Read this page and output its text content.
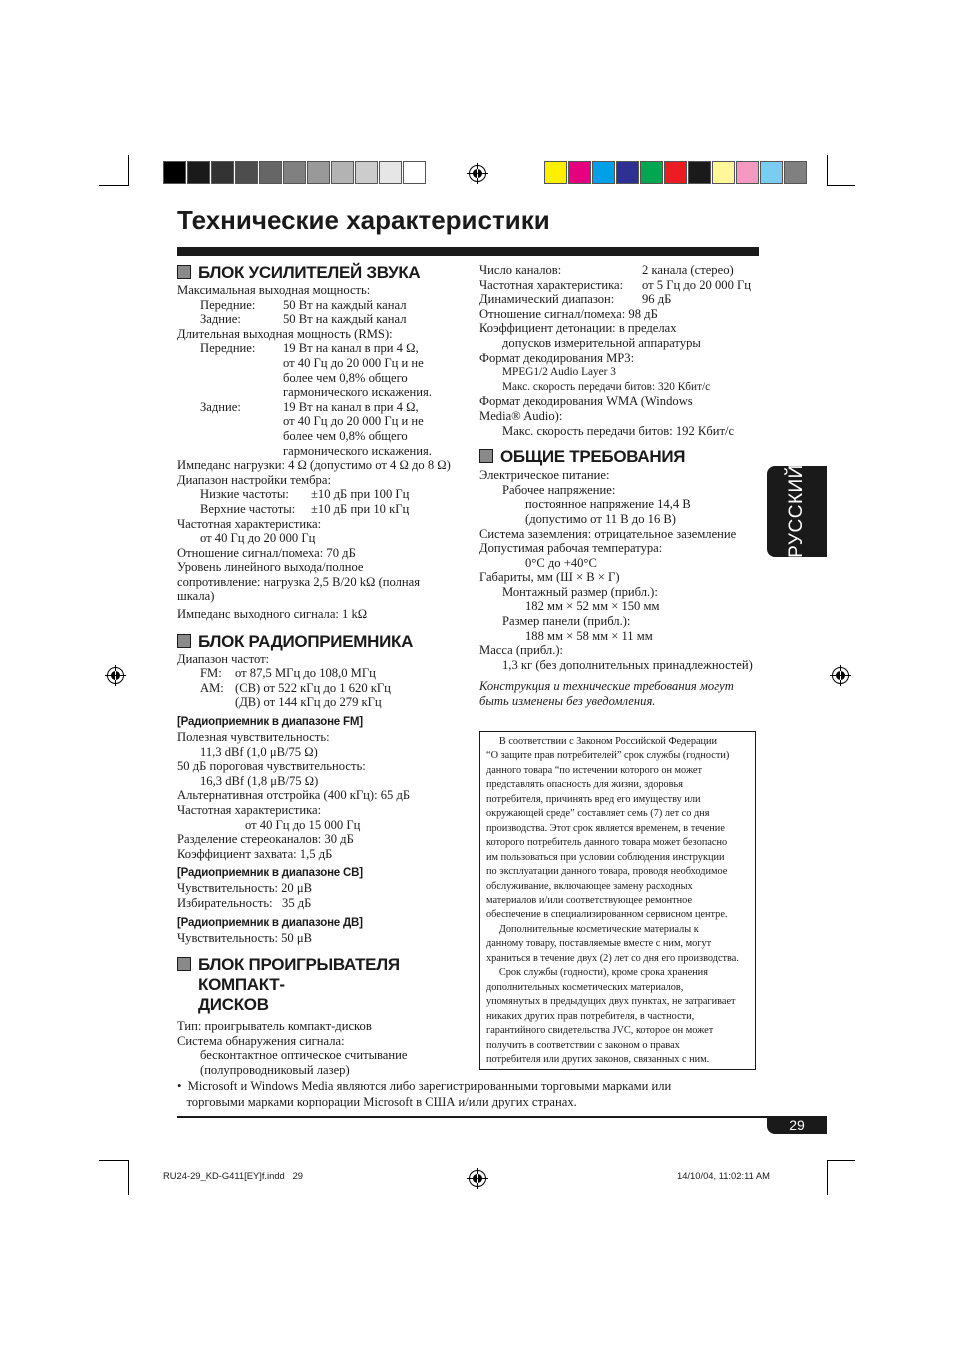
Технические характеристики
БЛОК УСИЛИТЕЛЕЙ ЗВУКА

Максимальная выходная мощность:

Передние:	50 Вт на каждый канал
Задние:	50 Вт на каждый канал

Длительная выходная мощность (RMS):

Передние:	19 Вт на канал в при 4 Ω,

от 40 Гц до 20 000 Гц и не

более чем 0,8% общего

гармонического искажения.

Задние:	19 Вт на канал в при 4 Ω,

от 40 Гц до 20 000 Гц и не

более чем 0,8% общего

гармонического искажения.

Импеданс нагрузки: 4 Ω (допустимо от 4 Ω до 8 Ω)

Диапазон настройки тембра:

Низкие частоты:	±10 дБ при 100 Гц
Верхние частоты:	±10 дБ при 10 кГц

Частотная характеристика:

от 40 Гц до 20 000 Гц

Отношение сигнал/помеха: 70 дБ

Уровень линейного выхода/полное

сопротивление: нагрузка 2,5 В/20 kΩ (полная

шкала)

Импеданс выходного сигнала: 1 kΩ

БЛОК РАДИОПРИЕМНИКА

Диапазон частот:

FM:	от 87,5 МГц до 108,0 МГц
AM: (СВ) от 522 кГц до 1 620 кГц

(ДВ) от 144 кГц до 279 кГц

[Радиоприемник в диапазоне FM]

Полезная чувствительность:

11,3 dBf (1,0 μВ/75 Ω)

50 дБ пороговая чувствительность:

16,3 dBf (1,8 μВ/75 Ω)

Альтернативная отстройка (400 кГц): 65 дБ

Частотная характеристика:

от 40 Гц до 15 000 Гц

Разделение стереоканалов: 30 дБ

Коэффициент захвата: 1,5 дБ

[Радиоприемник в диапазоне СВ]

Чувствительность: 20 μВ

Избирательность:   35 дБ

[Радиоприемник в диапазоне ДВ]

Чувствительность: 50 μВ

БЛОК ПРОИГРЫВАТЕЛЯ КОМПАКТ-
ДИСКОВ

Тип: проигрыватель компакт-дисков

Система обнаружения сигнала:

бесконтактное оптическое считывание

(полупроводниковый лазер)

Число каналов:	2 канала (стерео)
Частотная характеристика:	от 5 Гц до 20 000 Гц
Динамический диапазон:	96 дБ

Отношение сигнал/помеха: 98 дБ

Коэффициент детонации: в пределах

допусков измерительной аппаратуры

Формат декодирования MP3:

MPEG1/2 Audio Layer 3

Макс. скорость передачи битов: 320 Кбит/с

Формат декодирования WMA (Windows

Media® Audio):

Макс. скорость передачи битов: 192 Кбит/с

ОБЩИЕ ТРЕБОВАНИЯ

Электрическое питание:

Рабочее напряжение:

постоянное напряжение 14,4 В

(допустимо от 11 В до 16 В)

Система заземления: отрицательное заземление

Допустимая рабочая температура:

0°C до +40°C

Габариты, мм (Ш × В × Г)

Монтажный размер (прибл.):

182 мм × 52 мм × 150 мм

Размер панели (прибл.):

188 мм × 58 мм × 11 мм

Масса (прибл.):

1,3 кг (без дополнительных принадлежностей)

Конструкция и технические требования могут

быть изменены без уведомления.

В соответствии с Законом Российской Федерации

“О защите прав потребителей” срок службы (годности)

данного товара “по истечении которого он может

представлять опасность для жизни, здоровья

потребителя, причинять вред его имуществу или

окружающей среде” составляет семь (7) лет со дня

производства. Этот срок является временем, в течение

которого потребитель данного товара может безопасно

им пользоваться при условии соблюдения инструкции

по эксплуатации данного товара, проводя необходимое

обслуживание, включающее замену расходных

материалов и/или соответствующее ремонтное

обеспечение в специализированном сервисном центре.

Дополнительные косметические материалы к

данному товару, поставляемые вместе с ним, могут

храниться в течение двух (2) лет со дня его производства.

Срок службы (годности), кроме срока хранения

дополнительных косметических материалов,

упомянутых в предыдущих двух пунктах, не затрагивает

никаких других прав потребителя, в частности,

гарантийного свидетельства JVC, которое он может

получить в соответствии с законом о правах

потребителя или других законов, связанных с ним.

РУССКИЙ

•  Microsoft и Windows Media являются либо зарегистрированными торговыми марками или

торговыми марками корпорации Microsoft в США и/или других странах.

29
RU24-29_KD-G411[EY]f.indd   29	14/10/04, 11:02:11 AM
